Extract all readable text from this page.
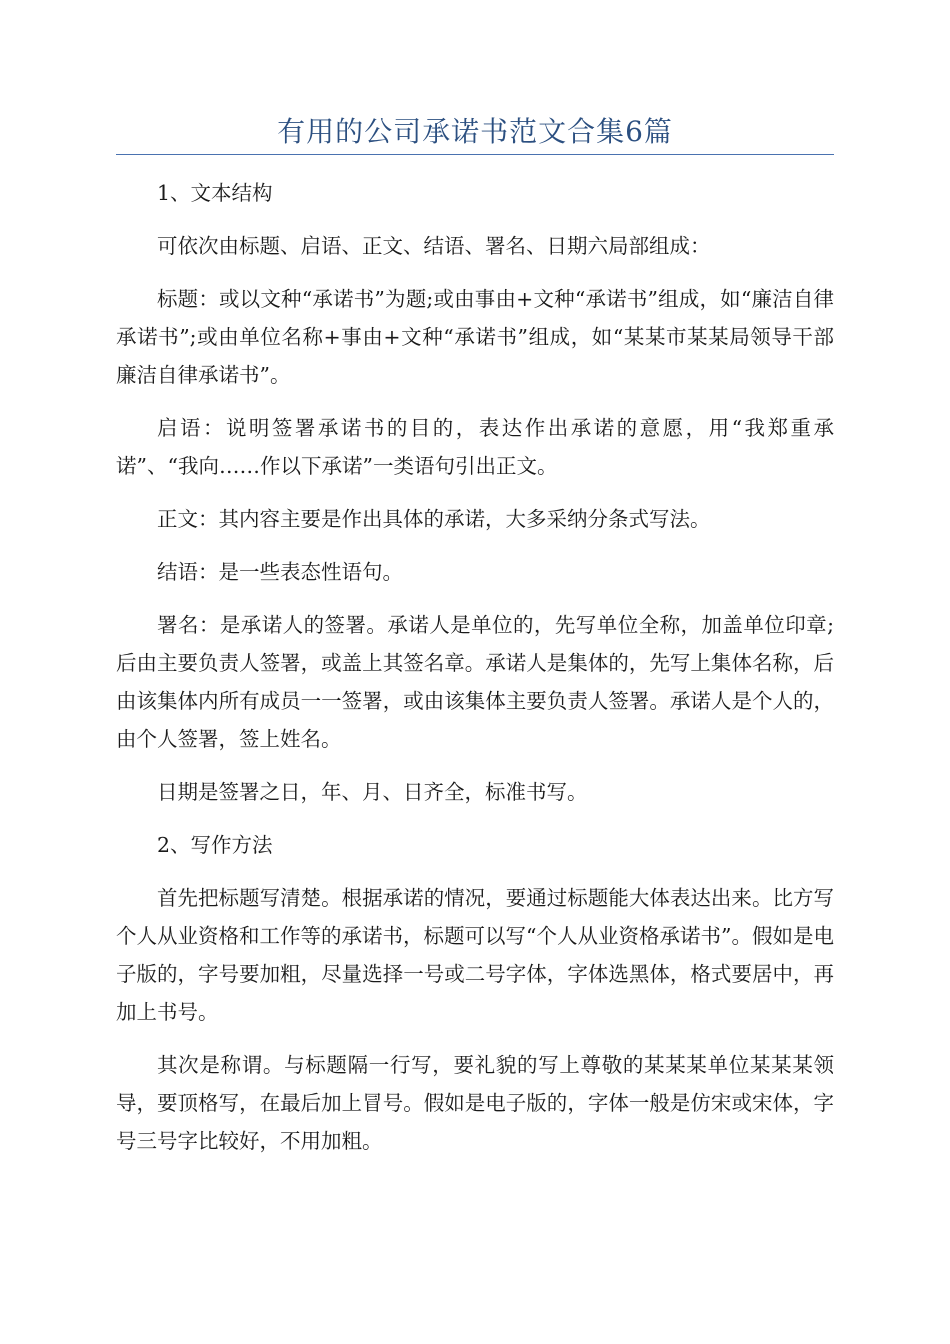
有用的公司承诺书范文合集6篇

1、文本结构

可依次由标题、启语、正文、结语、署名、日期六局部组成：

标题：或以文种“承诺书”为题;或由事由+文种“承诺书”组成，如“廉洁自律承诺书”;或由单位名称+事由+文种“承诺书”组成，如“某某市某某局领导干部廉洁自律承诺书”。

启语：说明签署承诺书的目的，表达作出承诺的意愿，用“我郑重承诺”、“我向……作以下承诺”一类语句引出正文。

正文：其内容主要是作出具体的承诺，大多采纳分条式写法。

结语：是一些表态性语句。

署名：是承诺人的签署。承诺人是单位的，先写单位全称，加盖单位印章;后由主要负责人签署，或盖上其签名章。承诺人是集体的，先写上集体名称，后由该集体内所有成员一一签署，或由该集体主要负责人签署。承诺人是个人的，由个人签署，签上姓名。

日期是签署之日，年、月、日齐全，标准书写。

2、写作方法

首先把标题写清楚。根据承诺的情况，要通过标题能大体表达出来。比方写个人从业资格和工作等的承诺书，标题可以写“个人从业资格承诺书”。假如是电子版的，字号要加粗，尽量选择一号或二号字体，字体选黑体，格式要居中，再加上书号。

其次是称谓。与标题隔一行写，要礼貌的写上尊敬的某某某单位某某某领导，要顶格写，在最后加上冒号。假如是电子版的，字体一般是仿宋或宋体，字号三号字比较好，不用加粗。
